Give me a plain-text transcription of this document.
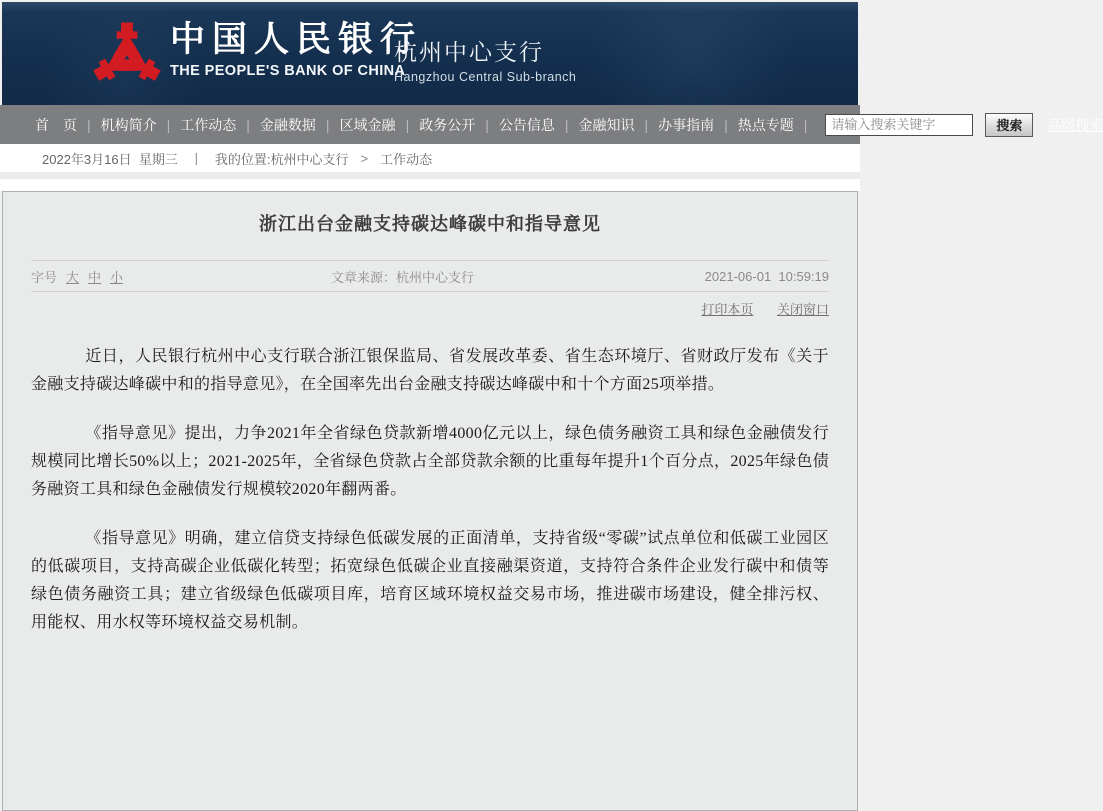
中国人民银行
THE PEOPLE'S BANK OF CHINA
杭州中心支行
Hangzhou Central Sub-branch
首　页 |	机构简介 |	工作动态 |	金融数据 |	区域金融 |	政务公开 |	公告信息 |	金融知识 |	办事指南 |	热点专题 |
请输入搜索关键字	搜索	高级搜索
2022年3月16日  星期三 丨 我的位置:杭州中心支行 > 工作动态
浙江出台金融支持碳达峰碳中和指导意见
字号 大 中 小	文章来源：杭州中心支行	2021-06-01  10:59:19
打印本页 关闭窗口

近日，人民银行杭州中心支行联合浙江银保监局、省发展改革委、省生态环境厅、省财政厅发布《关于金融支持碳达峰碳中和的指导意见》，在全国率先出台金融支持碳达峰碳中和十个方面25项举措。

《指导意见》提出，力争2021年全省绿色贷款新增4000亿元以上，绿色债务融资工具和绿色金融债发行规模同比增长50%以上；2021-2025年，全省绿色贷款占全部贷款余额的比重每年提升1个百分点，2025年绿色债务融资工具和绿色金融债发行规模较2020年翻两番。

《指导意见》明确，建立信贷支持绿色低碳发展的正面清单，支持省级“零碳”试点单位和低碳工业园区的低碳项目，支持高碳企业低碳化转型；拓宽绿色低碳企业直接融渠资道，支持符合条件企业发行碳中和债等绿色债务融资工具；建立省级绿色低碳项目库，培育区域环境权益交易市场，推进碳市场建设，健全排污权、用能权、用水权等环境权益交易机制。
